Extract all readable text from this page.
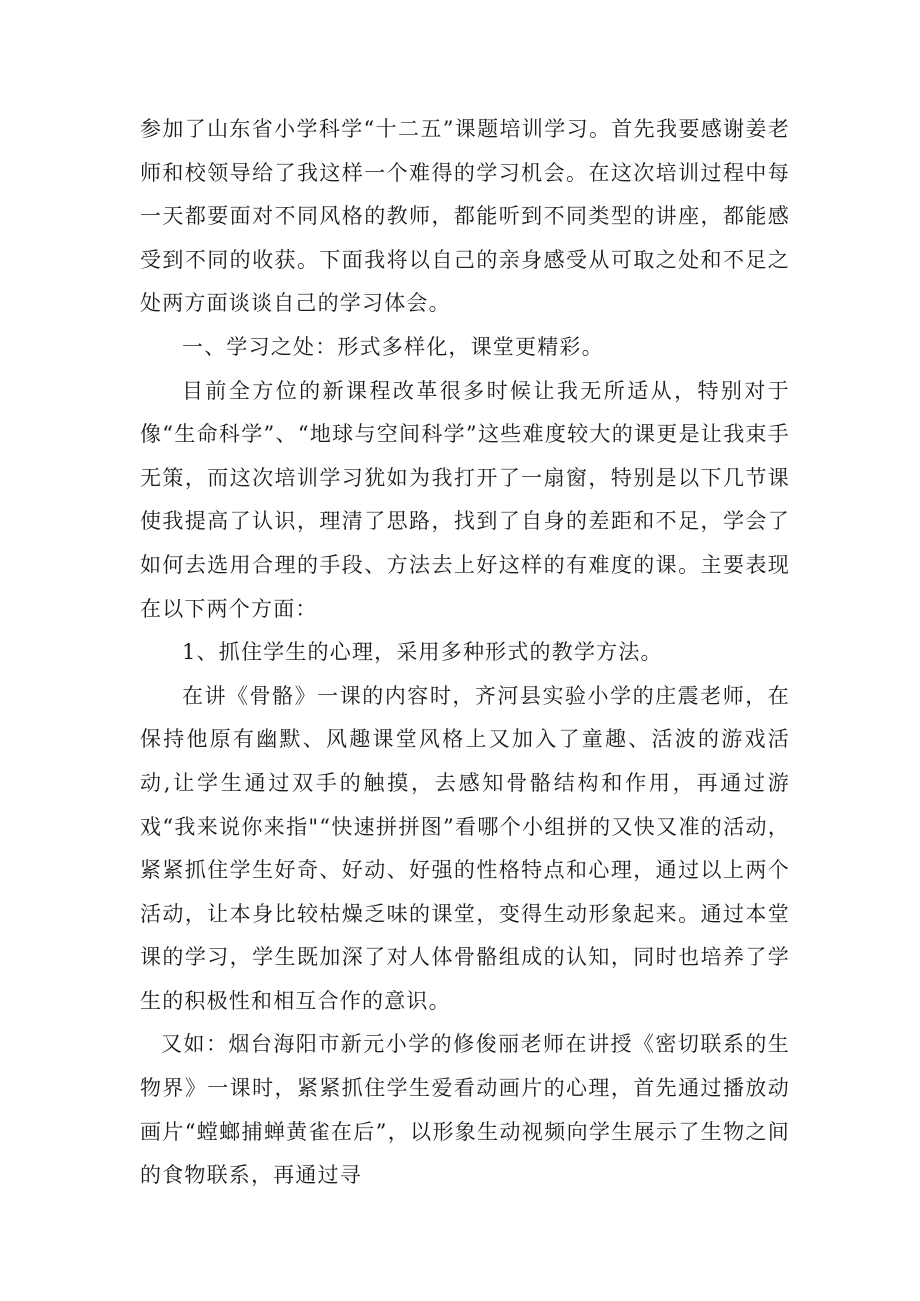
参加了山东省小学科学“十二五”课题培训学习。首先我要感谢姜老师和校领导给了我这样一个难得的学习机会。在这次培训过程中每一天都要面对不同风格的教师，都能听到不同类型的讲座，都能感受到不同的收获。下面我将以自己的亲身感受从可取之处和不足之处两方面谈谈自己的学习体会。

一、学习之处：形式多样化，课堂更精彩。

目前全方位的新课程改革很多时候让我无所适从，特别对于像“生命科学”、“地球与空间科学”这些难度较大的课更是让我束手无策，而这次培训学习犹如为我打开了一扇窗，特别是以下几节课使我提高了认识，理清了思路，找到了自身的差距和不足，学会了如何去选用合理的手段、方法去上好这样的有难度的课。主要表现在以下两个方面：

1、抓住学生的心理，采用多种形式的教学方法。

在讲《骨骼》一课的内容时，齐河县实验小学的庄震老师，在保持他原有幽默、风趣课堂风格上又加入了童趣、活波的游戏活动,让学生通过双手的触摸，去感知骨骼结构和作用，再通过游戏“我来说你来指"“快速拼拼图”看哪个小组拼的又快又准的活动，紧紧抓住学生好奇、好动、好强的性格特点和心理，通过以上两个活动，让本身比较枯燥乏味的课堂，变得生动形象起来。通过本堂课的学习，学生既加深了对人体骨骼组成的认知，同时也培养了学生的积极性和相互合作的意识。

又如：烟台海阳市新元小学的修俊丽老师在讲授《密切联系的生物界》一课时，紧紧抓住学生爱看动画片的心理，首先通过播放动画片“螳螂捕蝉黄雀在后”，以形象生动视频向学生展示了生物之间的食物联系，再通过寻
